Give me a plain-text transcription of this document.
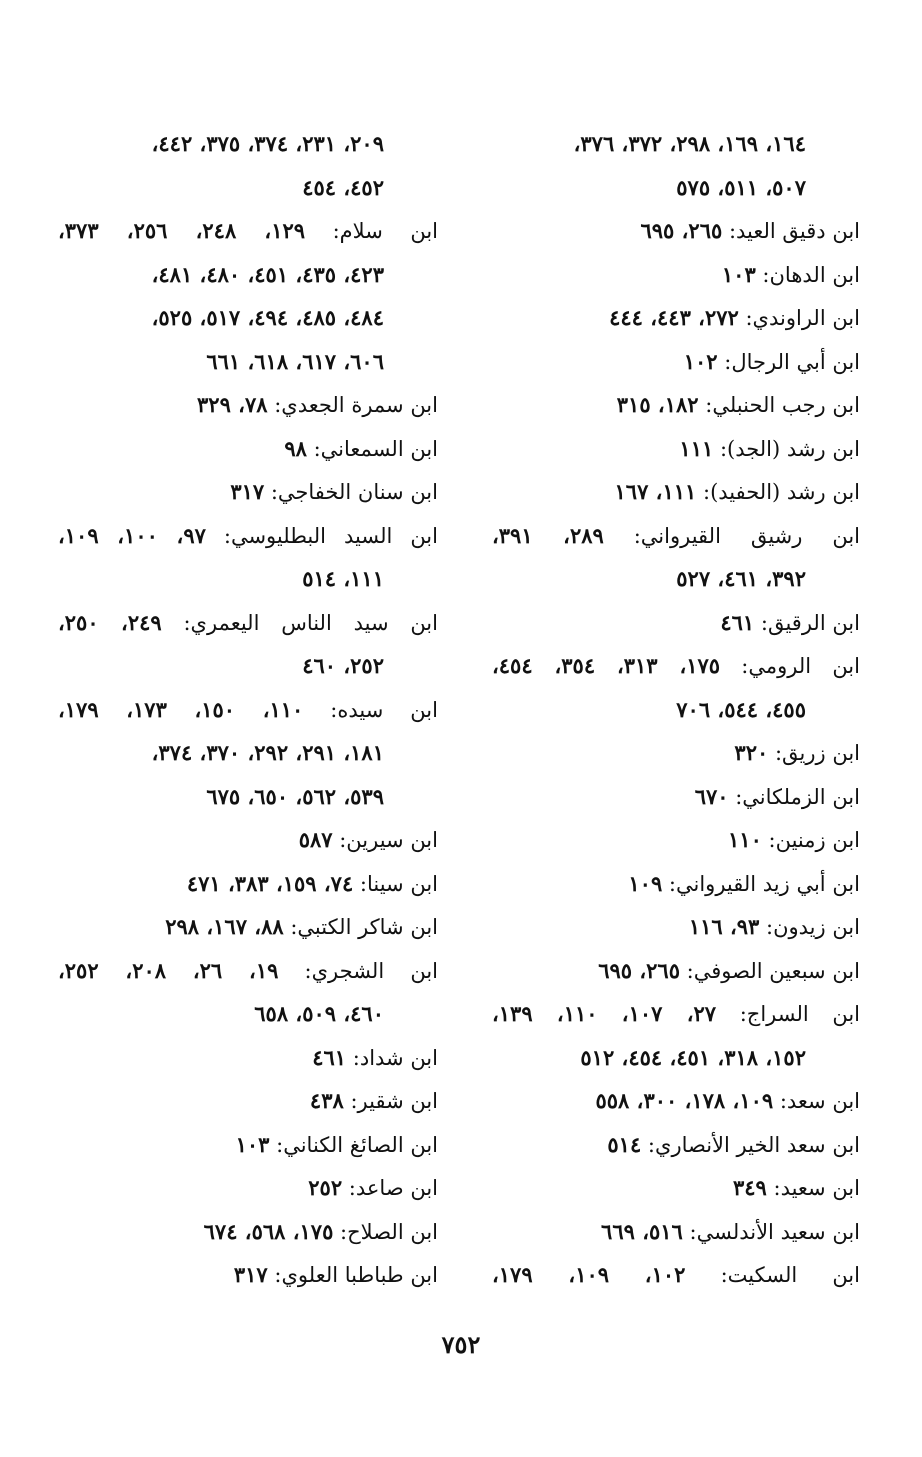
١٦٤، ١٦٩، ٢٩٨، ٣٧٢، ٣٧٦،
٥٠٧، ٥١١، ٥٧٥
ابن دقيق العيد: ٢٦٥، ٦٩٥
ابن الدهان: ١٠٣
ابن الراوندي: ٢٧٢، ٤٤٣، ٤٤٤
ابن أبي الرجال: ١٠٢
ابن رجب الحنبلي: ١٨٢، ٣١٥
ابن رشد (الجد): ١١١
ابن رشد (الحفيد): ١١١، ١٦٧
ابن رشيق القيرواني: ٢٨٩، ٣٩١،
٣٩٢، ٤٦١، ٥٢٧
ابن الرقيق: ٤٦١
ابن الرومي: ١٧٥، ٣١٣، ٣٥٤، ٤٥٤،
٤٥٥، ٥٤٤، ٧٠٦
ابن زريق: ٣٢٠
ابن الزملكاني: ٦٧٠
ابن زمنين: ١١٠
ابن أبي زيد القيرواني: ١٠٩
ابن زيدون: ٩٣، ١١٦
ابن سبعين الصوفي: ٢٦٥، ٦٩٥
ابن السراج: ٢٧، ١٠٧، ١١٠، ١٣٩،
١٥٢، ٣١٨، ٤٥١، ٤٥٤، ٥١٢
ابن سعد: ١٠٩، ١٧٨، ٣٠٠، ٥٥٨
ابن سعد الخير الأنصاري: ٥١٤
ابن سعيد: ٣٤٩
ابن سعيد الأندلسي: ٥١٦، ٦٦٩
ابن السكيت: ١٠٢، ١٠٩، ١٧٩،
٢٠٩، ٢٣١، ٣٧٤، ٣٧٥، ٤٤٢،
٤٥٢، ٤٥٤
ابن سلام: ١٢٩، ٢٤٨، ٢٥٦، ٣٧٣،
٤٢٣، ٤٣٥، ٤٥١، ٤٨٠، ٤٨١،
٤٨٤، ٤٨٥، ٤٩٤، ٥١٧، ٥٢٥،
٦٠٦، ٦١٧، ٦١٨، ٦٦١
ابن سمرة الجعدي: ٧٨، ٣٢٩
ابن السمعاني: ٩٨
ابن سنان الخفاجي: ٣١٧
ابن السيد البطليوسي: ٩٧، ١٠٠، ١٠٩،
١١١، ٥١٤
ابن سيد الناس اليعمري: ٢٤٩، ٢٥٠،
٢٥٢، ٤٦٠
ابن سيده: ١١٠، ١٥٠، ١٧٣، ١٧٩،
١٨١، ٢٩١، ٢٩٢، ٣٧٠، ٣٧٤،
٥٣٩، ٥٦٢، ٦٥٠، ٦٧٥
ابن سيرين: ٥٨٧
ابن سينا: ٧٤، ١٥٩، ٣٨٣، ٤٧١
ابن شاكر الكتبي: ٨٨، ١٦٧، ٢٩٨
ابن الشجري: ١٩، ٢٦، ٢٠٨، ٢٥٢،
٤٦٠، ٥٠٩، ٦٥٨
ابن شداد: ٤٦١
ابن شقير: ٤٣٨
ابن الصائغ الكناني: ١٠٣
ابن صاعد: ٢٥٢
ابن الصلاح: ١٧٥، ٥٦٨، ٦٧٤
ابن طباطبا العلوي: ٣١٧
٧٥٢
